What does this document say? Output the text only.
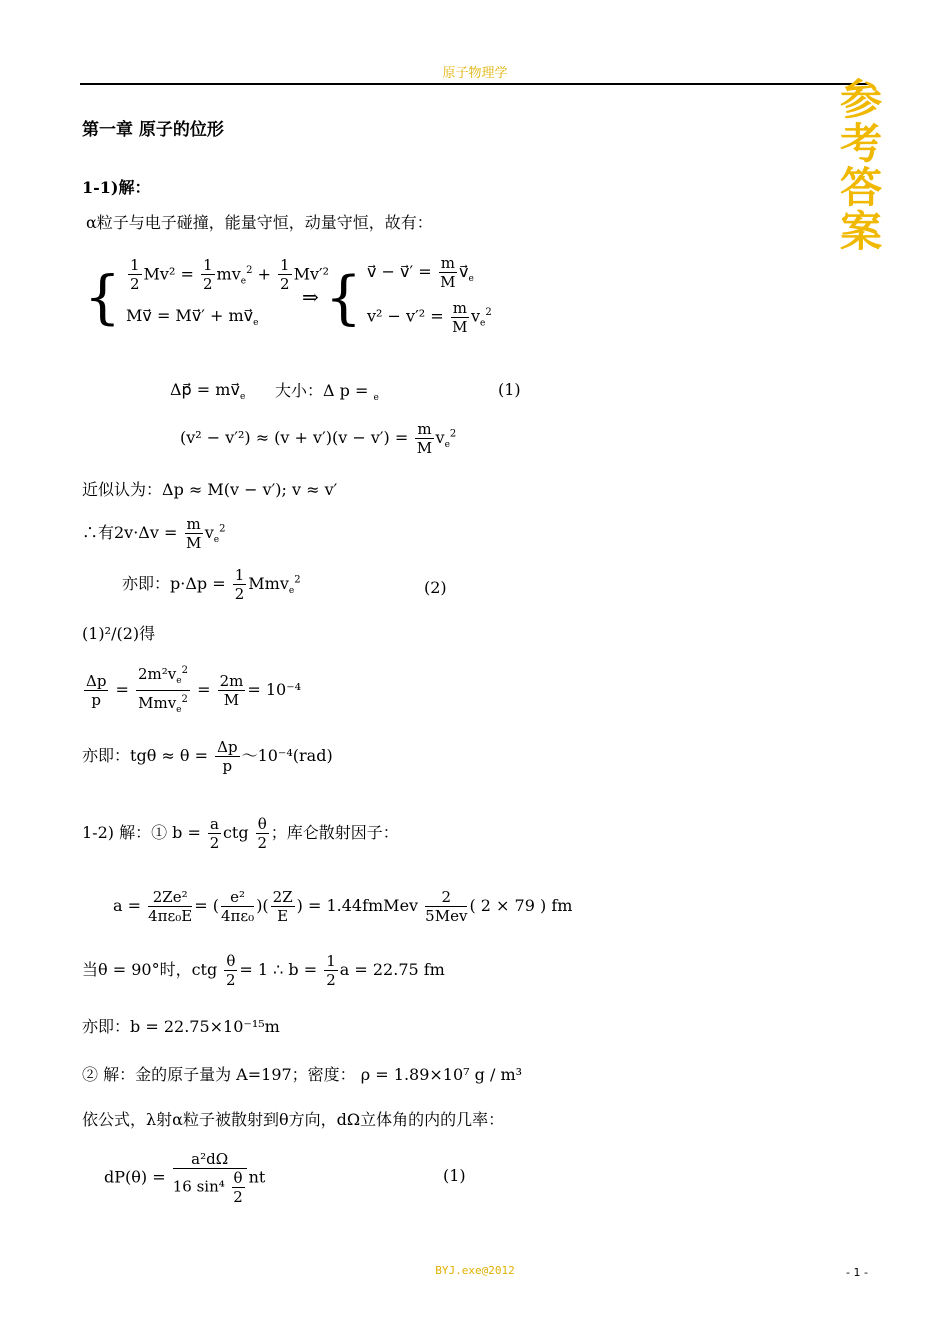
原子物理学
参
考
答
案
第一章 原子的位形
1-1)解：
α粒子与电子碰撞，能量守恒，动量守恒，故有：
{ $\frac{1}{2} Mv^2 = \frac{1}{2} mv_e^2 + \frac{1}{2} Mv'^2$
Mv⃗ = Mv⃗′ + $mv⃗_e$
⇒ { v⃗ − v⃗′ = $\frac{m}{M}$ $v⃗_e$
$v^2 - v'^2 = \frac{m}{M} v_e^2$
Δp⃗ = $mv⃗_e$ 大小：Δ p = $_e$	(1)
$(v^2 - v'^2) \approx (v + v')(v - v') = \frac{m}{M} v_e^2$
近似认为：Δp ≈ M(v − v′); v ≈ v′
∴有$2v\cdot\Delta v = \frac{m}{M} v_e^2$
亦即：$p\cdot\Delta p = \frac{1}{2} Mmv_e^2$	(2)
(1)²/(2)得
$\frac{\Delta p}{p} = \frac{2m^2v_e^2}{Mmv_e^2} = \frac{2m}{M} = 10^{-4}$
亦即：$tg\theta \approx \theta = \frac{\Delta p}{p}$ ～10⁻⁴(rad)
1-2) 解：① $b = \frac{a}{2}$ ctg $\frac{\theta}{2}$ ；库仑散射因子：
$a = \frac{\text{2Ze²}}{\text{4πε₀E}}$ = ( $\frac{\text{e²}}{\text{4πε₀}}$ )( $\frac{2Z}{E}$ ) = 1.44fmMev $\frac{2}{\text{5Mev}}$ ( 2 × 79 ) fm
当θ = 90°时，ctg $\frac{\theta}{2} = 1$ ∴ $b = \frac{1}{2}$ a = 22.75 fm
亦即：b = 22.75×10⁻¹⁵m
② 解：金的原子量为 A=197；密度： ρ = 1.89×10⁷ g / m³
依公式，λ射α粒子被散射到θ方向，dΩ立体角的内的几率：
$dP(\theta) = \frac{\text{a²dΩ}}{16 \sin^4 \frac{\theta}{2}}$ nt	(1)
BYJ.exe@2012	- 1 -
